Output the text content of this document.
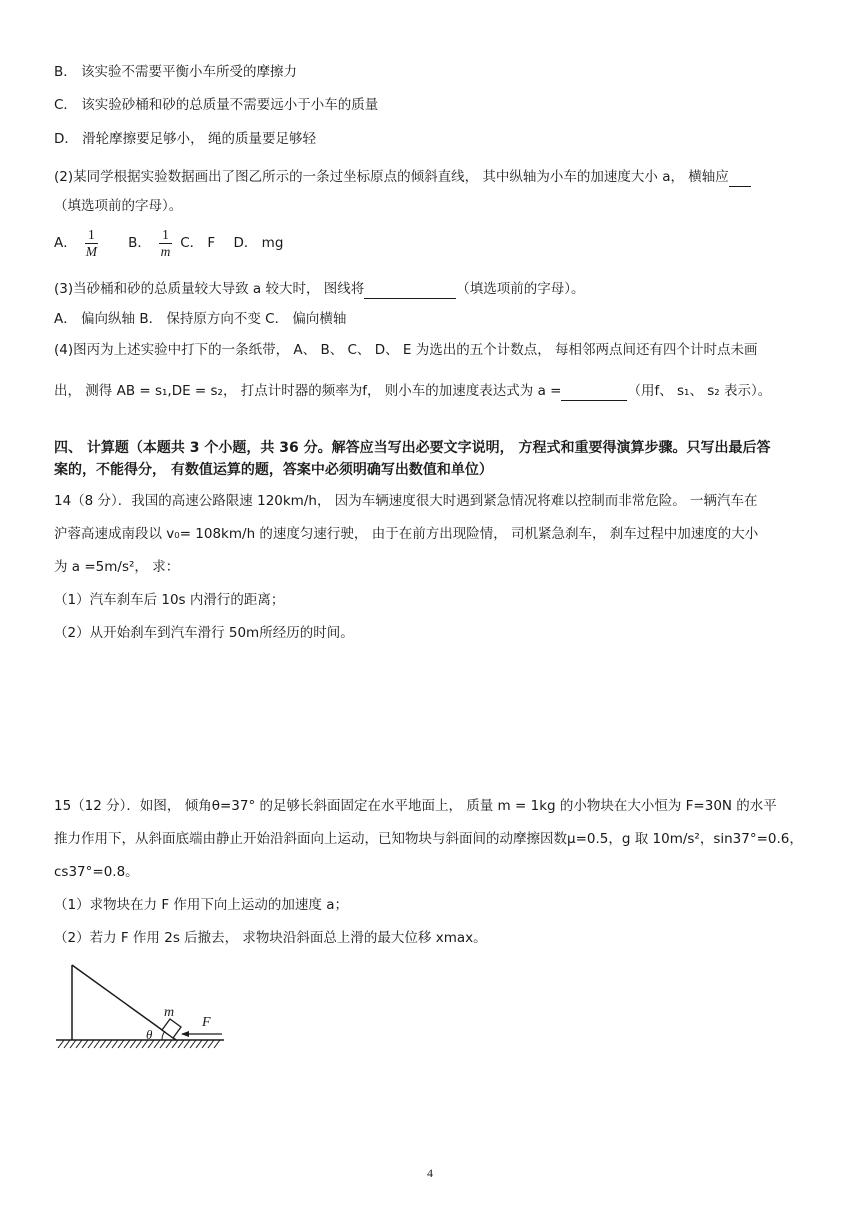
B． 该实验不需要平衡小车所受的摩擦力
C． 该实验砂桶和砂的总质量不需要远小于小车的质量
D． 滑轮摩擦要足够小， 绳的质量要足够轻
(2)某同学根据实验数据画出了图乙所示的一条过坐标原点的倾斜直线， 其中纵轴为小车的加速度大小 a， 横轴应
（填选项前的字母）。
A． $\frac{1}{M}$ B． $\frac{1}{m}$ C． F D． mg
(3)当砂桶和砂的总质量较大导致 a 较大时， 图线将	（填选项前的字母）。
A． 偏向纵轴 B． 保持原方向不变 C． 偏向横轴
(4)图丙为上述实验中打下的一条纸带， A、 B、 C、 D、 E 为选出的五个计数点， 每相邻两点间还有四个计时点未画
出， 测得 AB = s₁,DE = s₂， 打点计时器的频率为f， 则小车的加速度表达式为 a =	（用f、 s₁、 s₂ 表示）。
四、 计算题（本题共 3 个小题，共 36 分。解答应当写出必要文字说明， 方程式和重要得演算步骤。只写出最后答
案的，不能得分， 有数值运算的题，答案中必须明确写出数值和单位）
14（8 分）．我国的高速公路限速 120km/h， 因为车辆速度很大时遇到紧急情况将难以控制而非常危险。 一辆汽车在
沪蓉高速成南段以 v₀= 108km/h 的速度匀速行驶， 由于在前方出现险情， 司机紧急刹车， 刹车过程中加速度的大小
为 a =5m/s²， 求：
（1）汽车刹车后 10s 内滑行的距离；
（2）从开始刹车到汽车滑行 50m所经历的时间。
15（12 分）．如图， 倾角θ=37° 的足够长斜面固定在水平地面上， 质量 m = 1kg 的小物块在大小恒为 F=30N 的水平
推力作用下，从斜面底端由静止开始沿斜面向上运动，已知物块与斜面间的动摩擦因数μ=0.5，g 取 10m/s²，sin37°=0.6，
cs37°=0.8。
（1）求物块在力 F 作用下向上运动的加速度 a；
（2）若力 F 作用 2s 后撤去， 求物块沿斜面总上滑的最大位移 xmax。
m
θ
F
4
